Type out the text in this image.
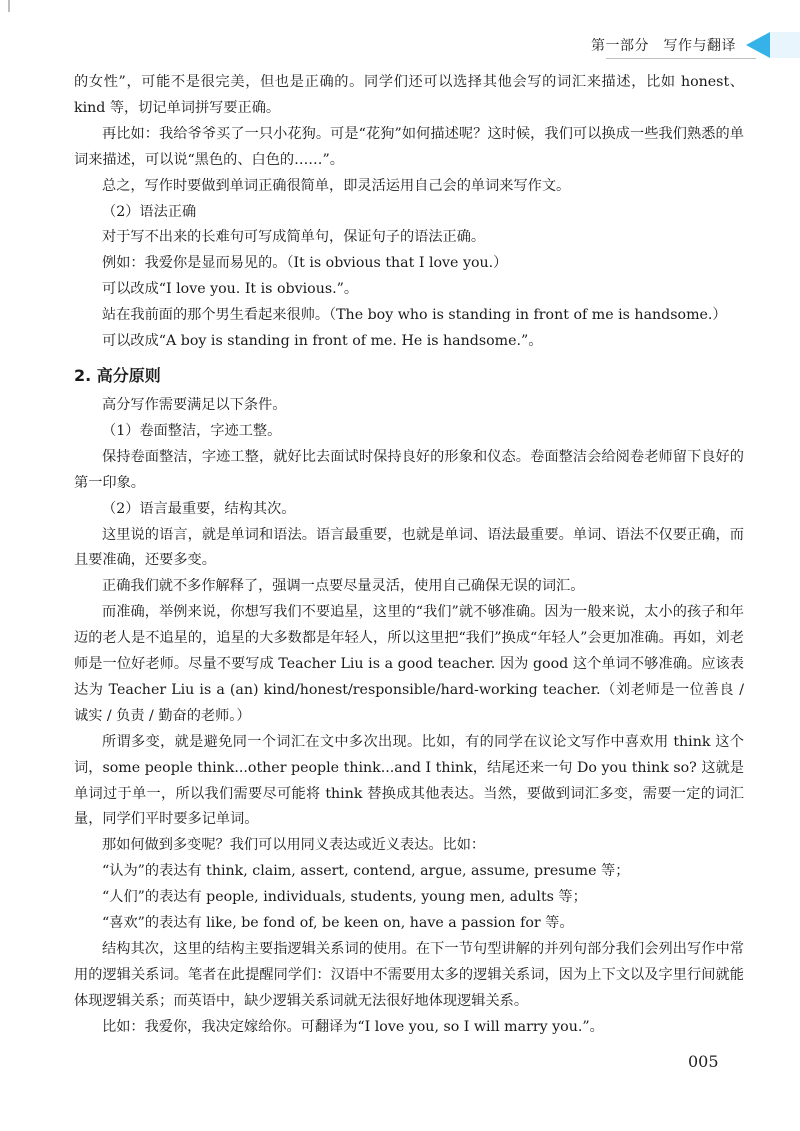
第一部分　写作与翻译

的女性”，可能不是很完美，但也是正确的。同学们还可以选择其他会写的词汇来描述，比如 honest、kind 等，切记单词拼写要正确。

再比如：我给爷爷买了一只小花狗。可是“花狗”如何描述呢？这时候，我们可以换成一些我们熟悉的单词来描述，可以说“黑色的、白色的……”。

总之，写作时要做到单词正确很简单，即灵活运用自己会的单词来写作文。

（2）语法正确

对于写不出来的长难句可写成简单句，保证句子的语法正确。

例如：我爱你是显而易见的。（It is obvious that I love you.）

可以改成“I love you. It is obvious.”。

站在我前面的那个男生看起来很帅。（The boy who is standing in front of me is handsome.）

可以改成“A boy is standing in front of me. He is handsome.”。

2. 高分原则

高分写作需要满足以下条件。

（1）卷面整洁，字迹工整。

保持卷面整洁，字迹工整，就好比去面试时保持良好的形象和仪态。卷面整洁会给阅卷老师留下良好的第一印象。

（2）语言最重要，结构其次。

这里说的语言，就是单词和语法。语言最重要，也就是单词、语法最重要。单词、语法不仅要正确，而且要准确，还要多变。

正确我们就不多作解释了，强调一点要尽量灵活，使用自己确保无误的词汇。

而准确，举例来说，你想写我们不要追星，这里的“我们”就不够准确。因为一般来说，太小的孩子和年迈的老人是不追星的，追星的大多数都是年轻人，所以这里把“我们”换成“年轻人”会更加准确。再如，刘老师是一位好老师。尽量不要写成 Teacher Liu is a good teacher. 因为 good 这个单词不够准确。应该表达为 Teacher Liu is a (an) kind/honest/responsible/hard-working teacher.（刘老师是一位善良 / 诚实 / 负责 / 勤奋的老师。）

所谓多变，就是避免同一个词汇在文中多次出现。比如，有的同学在议论文写作中喜欢用 think 这个词，some people think...other people think...and I think，结尾还来一句 Do you think so? 这就是单词过于单一，所以我们需要尽可能将 think 替换成其他表达。当然，要做到词汇多变，需要一定的词汇量，同学们平时要多记单词。

那如何做到多变呢？我们可以用同义表达或近义表达。比如：

“认为”的表达有 think, claim, assert, contend, argue, assume, presume 等；

“人们”的表达有 people, individuals, students, young men, adults 等；

“喜欢”的表达有 like, be fond of, be keen on, have a passion for 等。

结构其次，这里的结构主要指逻辑关系词的使用。在下一节句型讲解的并列句部分我们会列出写作中常用的逻辑关系词。笔者在此提醒同学们：汉语中不需要用太多的逻辑关系词，因为上下文以及字里行间就能体现逻辑关系；而英语中，缺少逻辑关系词就无法很好地体现逻辑关系。

比如：我爱你，我决定嫁给你。可翻译为“I love you, so I will marry you.”。

005
